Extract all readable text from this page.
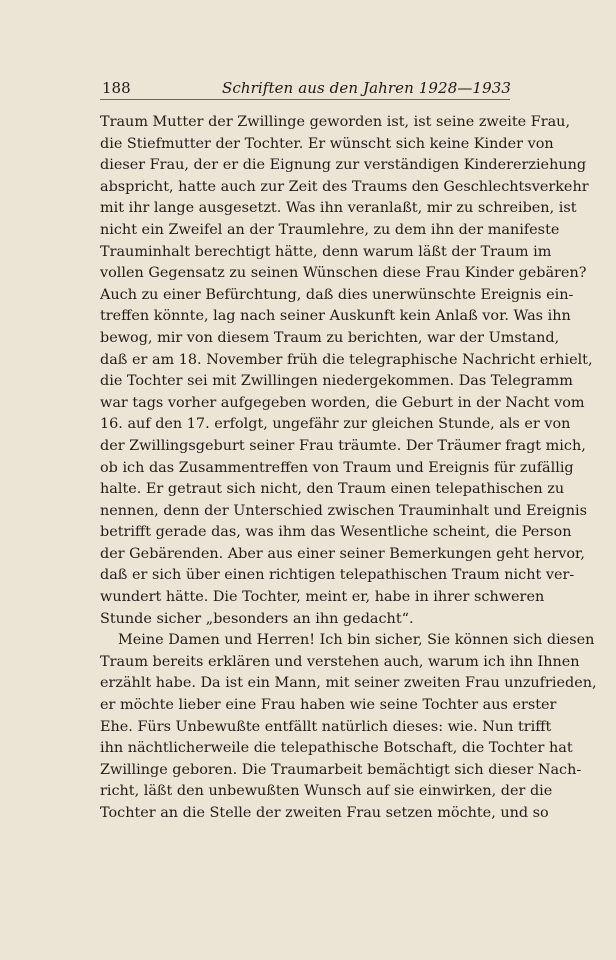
188	Schriften aus den Jahren 1928—1933
Traum Mutter der Zwillinge geworden ist, ist seine zweite Frau,
die Stiefmutter der Tochter. Er wünscht sich keine Kinder von
dieser Frau, der er die Eignung zur verständigen Kindererziehung
abspricht, hatte auch zur Zeit des Traums den Geschlechtsverkehr
mit ihr lange ausgesetzt. Was ihn veranlaßt, mir zu schreiben, ist
nicht ein Zweifel an der Traumlehre, zu dem ihn der manifeste
Trauminhalt berechtigt hätte, denn warum läßt der Traum im
vollen Gegensatz zu seinen Wünschen diese Frau Kinder gebären?
Auch zu einer Befürchtung, daß dies unerwünschte Ereignis ein-
treffen könnte, lag nach seiner Auskunft kein Anlaß vor. Was ihn
bewog, mir von diesem Traum zu berichten, war der Umstand,
daß er am 18. November früh die telegraphische Nachricht erhielt,
die Tochter sei mit Zwillingen niedergekommen. Das Telegramm
war tags vorher aufgegeben worden, die Geburt in der Nacht vom
16. auf den 17. erfolgt, ungefähr zur gleichen Stunde, als er von
der Zwillingsgeburt seiner Frau träumte. Der Träumer fragt mich,
ob ich das Zusammentreffen von Traum und Ereignis für zufällig
halte. Er getraut sich nicht, den Traum einen telepathischen zu
nennen, denn der Unterschied zwischen Trauminhalt und Ereignis
betrifft gerade das, was ihm das Wesentliche scheint, die Person
der Gebärenden. Aber aus einer seiner Bemerkungen geht hervor,
daß er sich über einen richtigen telepathischen Traum nicht ver-
wundert hätte. Die Tochter, meint er, habe in ihrer schweren
Stunde sicher „besonders an ihn gedacht“.
Meine Damen und Herren! Ich bin sicher, Sie können sich diesen
Traum bereits erklären und verstehen auch, warum ich ihn Ihnen
erzählt habe. Da ist ein Mann, mit seiner zweiten Frau unzufrieden,
er möchte lieber eine Frau haben wie seine Tochter aus erster
Ehe. Fürs Unbewußte entfällt natürlich dieses: wie. Nun trifft
ihn nächtlicherweile die telepathische Botschaft, die Tochter hat
Zwillinge geboren. Die Traumarbeit bemächtigt sich dieser Nach-
richt, läßt den unbewußten Wunsch auf sie einwirken, der die
Tochter an die Stelle der zweiten Frau setzen möchte, und so
